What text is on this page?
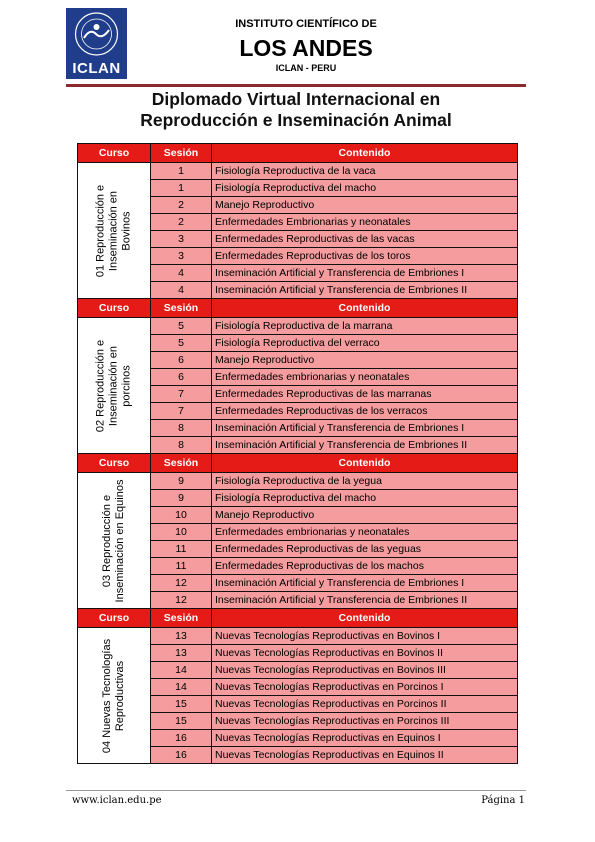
ICLAN
INSTITUTO CIENTÍFICO DE
LOS ANDES
ICLAN - PERU
Diplomado Virtual Internacional en
Reproducción e Inseminación Animal
Curso	Sesión	Contenido

01 Reproducción e Inseminación en Bovinos	1	Fisiología Reproductiva de la vaca
	1	Fisiología Reproductiva del macho
	2	Manejo Reproductivo
	2	Enfermedades Embrionarias y neonatales
	3	Enfermedades Reproductivas de las vacas
	3	Enfermedades Reproductivas de los toros
	4	Inseminación Artificial y Transferencia de Embriones I
	4	Inseminación Artificial y Transferencia de Embriones II
Curso	Sesión	Contenido

02 Reproducción e Inseminación en porcinos	5	Fisiología Reproductiva de la marrana
	5	Fisiología Reproductiva del verraco
	6	Manejo Reproductivo
	6	Enfermedades embrionarias y neonatales
	7	Enfermedades Reproductivas de las marranas
	7	Enfermedades Reproductivas de los verracos
	8	Inseminación Artificial y Transferencia de Embriones I
	8	Inseminación Artificial y Transferencia de Embriones II
Curso	Sesión	Contenido

03 Reproducción e Inseminación en Equinos	9	Fisiología Reproductiva de la yegua
	9	Fisiología Reproductiva del macho
	10	Manejo Reproductivo
	10	Enfermedades embrionarias y neonatales
	11	Enfermedades Reproductivas de las yeguas
	11	Enfermedades Reproductivas de los machos
	12	Inseminación Artificial y Transferencia de Embriones I
	12	Inseminación Artificial y Transferencia de Embriones II
Curso	Sesión	Contenido

04 Nuevas Tecnologías Reproductivas	13	Nuevas Tecnologías Reproductivas en Bovinos I
	13	Nuevas Tecnologías Reproductivas en Bovinos II
	14	Nuevas Tecnologías Reproductivas en Bovinos III
	14	Nuevas Tecnologías Reproductivas en Porcinos I
	15	Nuevas Tecnologías Reproductivas en Porcinos II
	15	Nuevas Tecnologías Reproductivas en Porcinos III
	16	Nuevas Tecnologías Reproductivas en Equinos I
	16	Nuevas Tecnologías Reproductivas en Equinos II
www.iclan.edu.pe	Página 1
